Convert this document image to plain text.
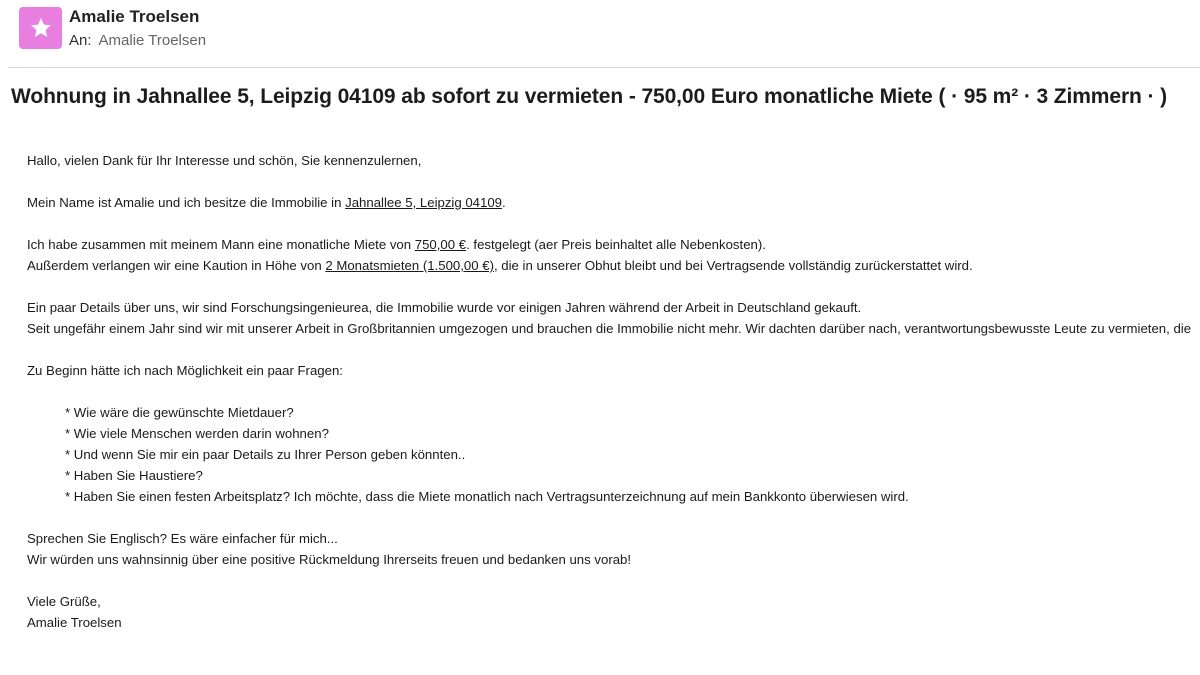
Amalie Troelsen
An: Amalie Troelsen
Wohnung in Jahnallee 5, Leipzig 04109 ab sofort zu vermieten - 750,00 Euro monatliche Miete ( · 95 m² · 3 Zimmern · )
Hallo, vielen Dank für Ihr Interesse und schön, Sie kennenzulernen,
Mein Name ist Amalie und ich besitze die Immobilie in Jahnallee 5, Leipzig 04109.
Ich habe zusammen mit meinem Mann eine monatliche Miete von 750,00 €. festgelegt (aer Preis beinhaltet alle Nebenkosten).
Außerdem verlangen wir eine Kaution in Höhe von 2 Monatsmieten (1.500,00 €), die in unserer Obhut bleibt und bei Vertragsende vollständig zurückerstattet wird.
Ein paar Details über uns, wir sind Forschungsingenieurea, die Immobilie wurde vor einigen Jahren während der Arbeit in Deutschland gekauft.
Seit ungefähr einem Jahr sind wir mit unserer Arbeit in Großbritannien umgezogen und brauchen die Immobilie nicht mehr. Wir dachten darüber nach, verantwortungsbewusste Leute zu vermieten, die
Zu Beginn hätte ich nach Möglichkeit ein paar Fragen:
* Wie wäre die gewünschte Mietdauer?
* Wie viele Menschen werden darin wohnen?
* Und wenn Sie mir ein paar Details zu Ihrer Person geben könnten..
* Haben Sie Haustiere?
* Haben Sie einen festen Arbeitsplatz? Ich möchte, dass die Miete monatlich nach Vertragsunterzeichnung auf mein Bankkonto überwiesen wird.
Sprechen Sie Englisch? Es wäre einfacher für mich...
Wir würden uns wahnsinnig über eine positive Rückmeldung Ihrerseits freuen und bedanken uns vorab!
Viele Grüße,
Amalie Troelsen
